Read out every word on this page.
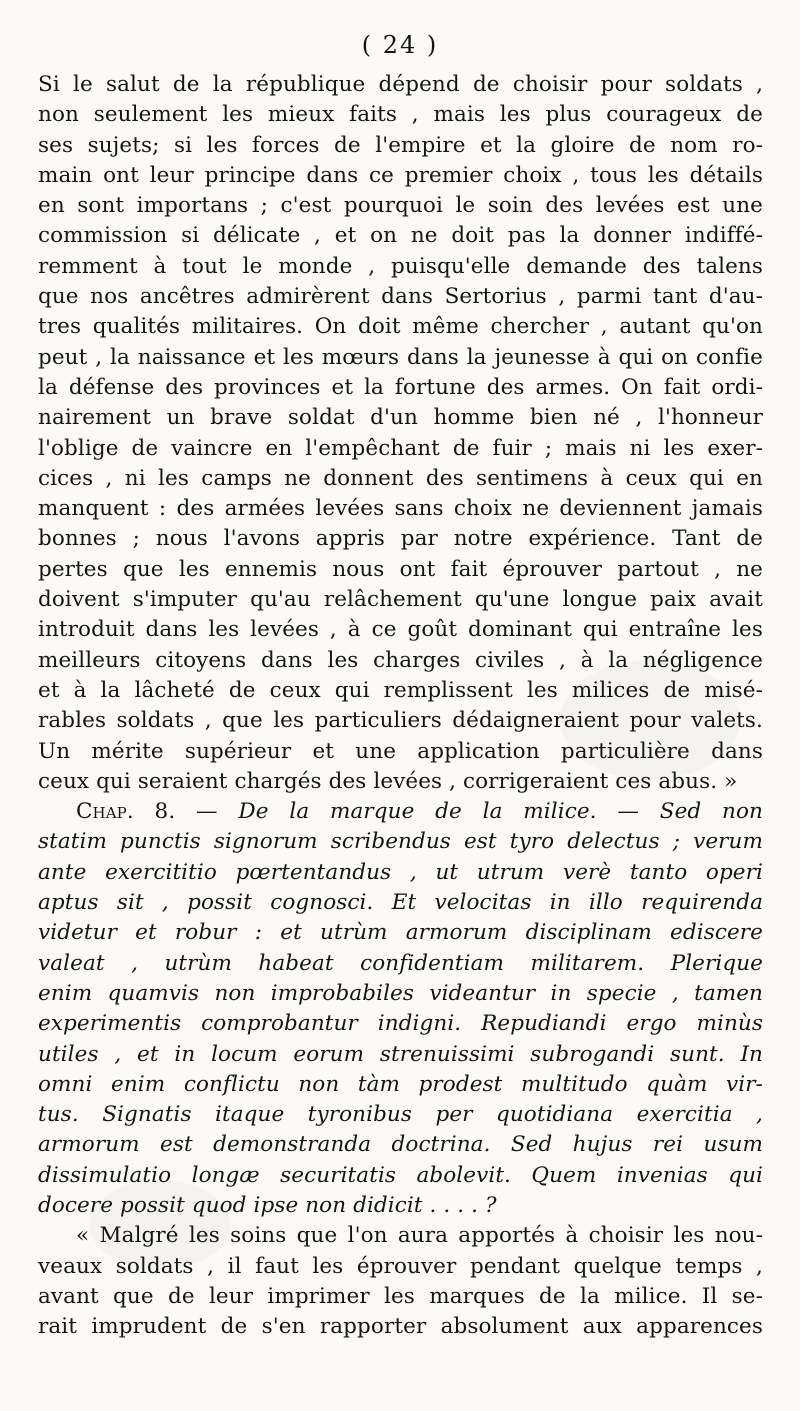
( 24 )
Si le salut de la république dépend de choisir pour soldats ,
non seulement les mieux faits , mais les plus courageux de
ses sujets; si les forces de l'empire et la gloire de nom ro-
main ont leur principe dans ce premier choix , tous les détails
en sont importans ; c'est pourquoi le soin des levées est une
commission si délicate , et on ne doit pas la donner indiffé-
remment à tout le monde , puisqu'elle demande des talens
que nos ancêtres admirèrent dans Sertorius , parmi tant d'au-
tres qualités militaires. On doit même chercher , autant qu'on
peut , la naissance et les mœurs dans la jeunesse à qui on confie
la défense des provinces et la fortune des armes. On fait ordi-
nairement un brave soldat d'un homme bien né , l'honneur
l'oblige de vaincre en l'empêchant de fuir ; mais ni les exer-
cices , ni les camps ne donnent des sentimens à ceux qui en
manquent : des armées levées sans choix ne deviennent jamais
bonnes ; nous l'avons appris par notre expérience. Tant de
pertes que les ennemis nous ont fait éprouver partout , ne
doivent s'imputer qu'au relâchement qu'une longue paix avait
introduit dans les levées , à ce goût dominant qui entraîne les
meilleurs citoyens dans les charges civiles , à la négligence
et à la lâcheté de ceux qui remplissent les milices de misé-
rables soldats , que les particuliers dédaigneraient pour valets.
Un mérite supérieur et une application particulière dans
ceux qui seraient chargés des levées , corrigeraient ces abus. »
Chap. 8. — De la marque de la milice. — Sed non
statim punctis signorum scribendus est tyro delectus ; verum
ante exercititio pœrtentandus , ut utrum verè tanto operi
aptus sit , possit cognosci. Et velocitas in illo requirenda
videtur et robur : et utrùm armorum disciplinam ediscere
valeat , utrùm habeat confidentiam militarem. Plerique
enim quamvis non improbabiles videantur in specie , tamen
experimentis comprobantur indigni. Repudiandi ergo minùs
utiles , et in locum eorum strenuissimi subrogandi sunt. In
omni enim conflictu non tàm prodest multitudo quàm vir-
tus. Signatis itaque tyronibus per quotidiana exercitia ,
armorum est demonstranda doctrina. Sed hujus rei usum
dissimulatio longæ securitatis abolevit. Quem invenias qui
docere possit quod ipse non didicit . . . . ?
« Malgré les soins que l'on aura apportés à choisir les nou-
veaux soldats , il faut les éprouver pendant quelque temps ,
avant que de leur imprimer les marques de la milice. Il se-
rait imprudent de s'en rapporter absolument aux apparences
